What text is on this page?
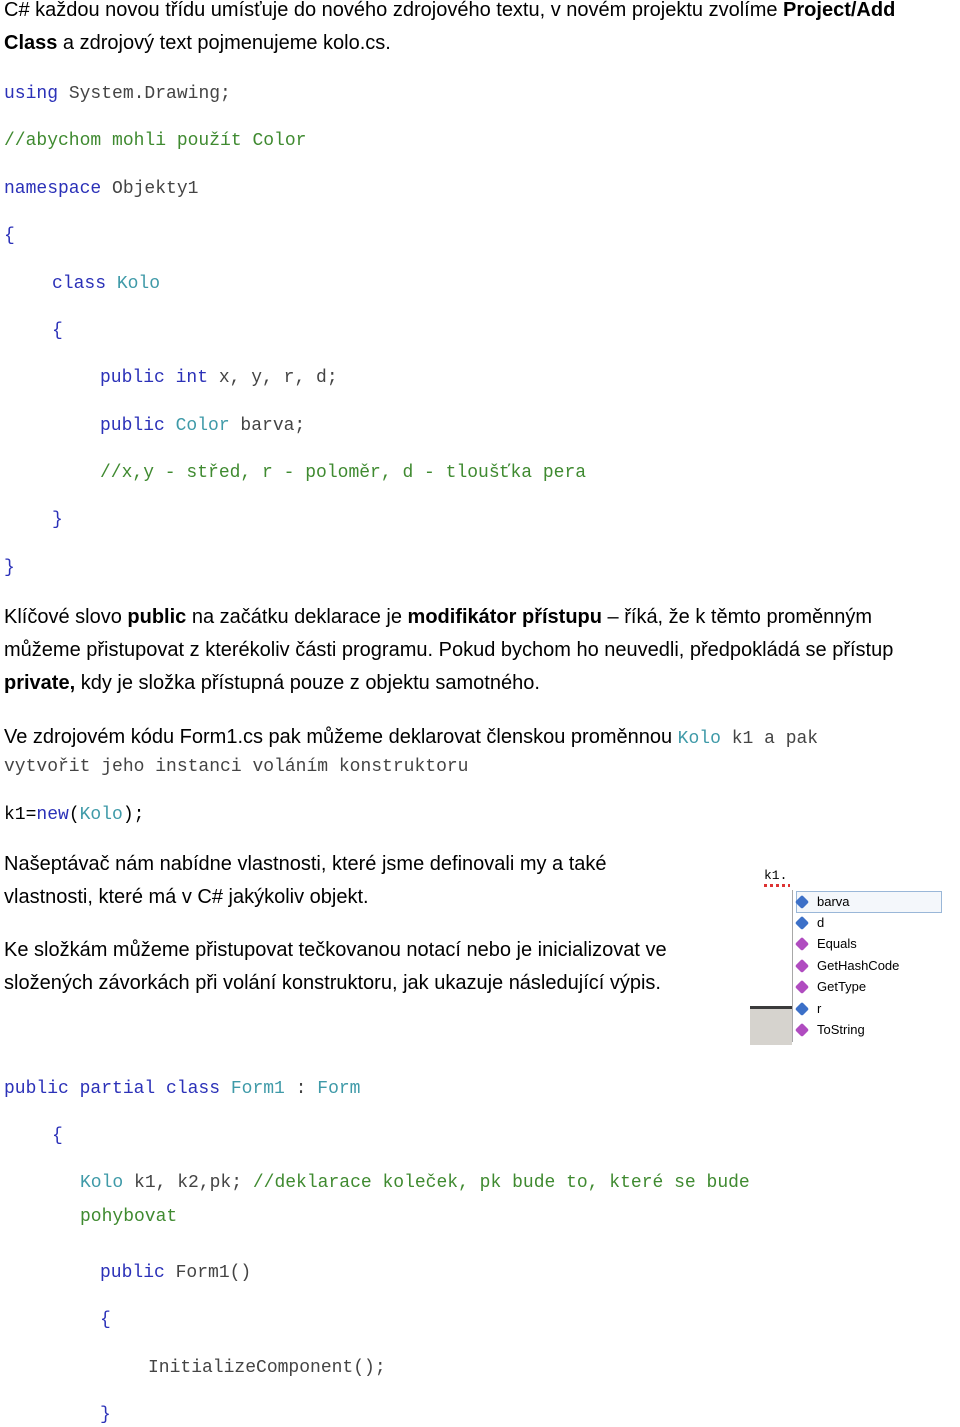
C# každou novou třídu umísťuje do nového zdrojového textu, v novém projektu zvolíme Project/Add
Class a zdrojový text pojmenujeme kolo.cs.
using System.Drawing;
//abychom mohli použít Color
namespace Objekty1
{
class Kolo
{
public int x, y, r, d;
public Color barva;
//x,y - střed, r - poloměr, d - tloušťka pera
}
}
Klíčové slovo public na začátku deklarace je modifikátor přístupu – říká, že k těmto proměnným
můžeme přistupovat z kterékoliv části programu. Pokud bychom ho neuvedli, předpokládá se přístup
private, kdy je složka přístupná pouze z objektu samotného.
Ve zdrojovém kódu Form1.cs pak můžeme deklarovat členskou proměnnou Kolo k1 a pak
vytvořit jeho instanci voláním konstruktoru
k1=new(Kolo);
Našeptávač nám nabídne vlastnosti, které jsme definovali my a také
vlastnosti, které má v C# jakýkoliv objekt.
Ke složkám můžeme přistupovat tečkovanou notací nebo je inicializovat ve
složených závorkách při volání konstruktoru, jak ukazuje následující výpis.
k1.
barva
d
Equals
GetHashCode
GetType
r
ToString
public partial class Form1 : Form
{
Kolo k1, k2,pk; //deklarace koleček, pk bude to, které se bude
pohybovat
public Form1()
{
InitializeComponent();
}
